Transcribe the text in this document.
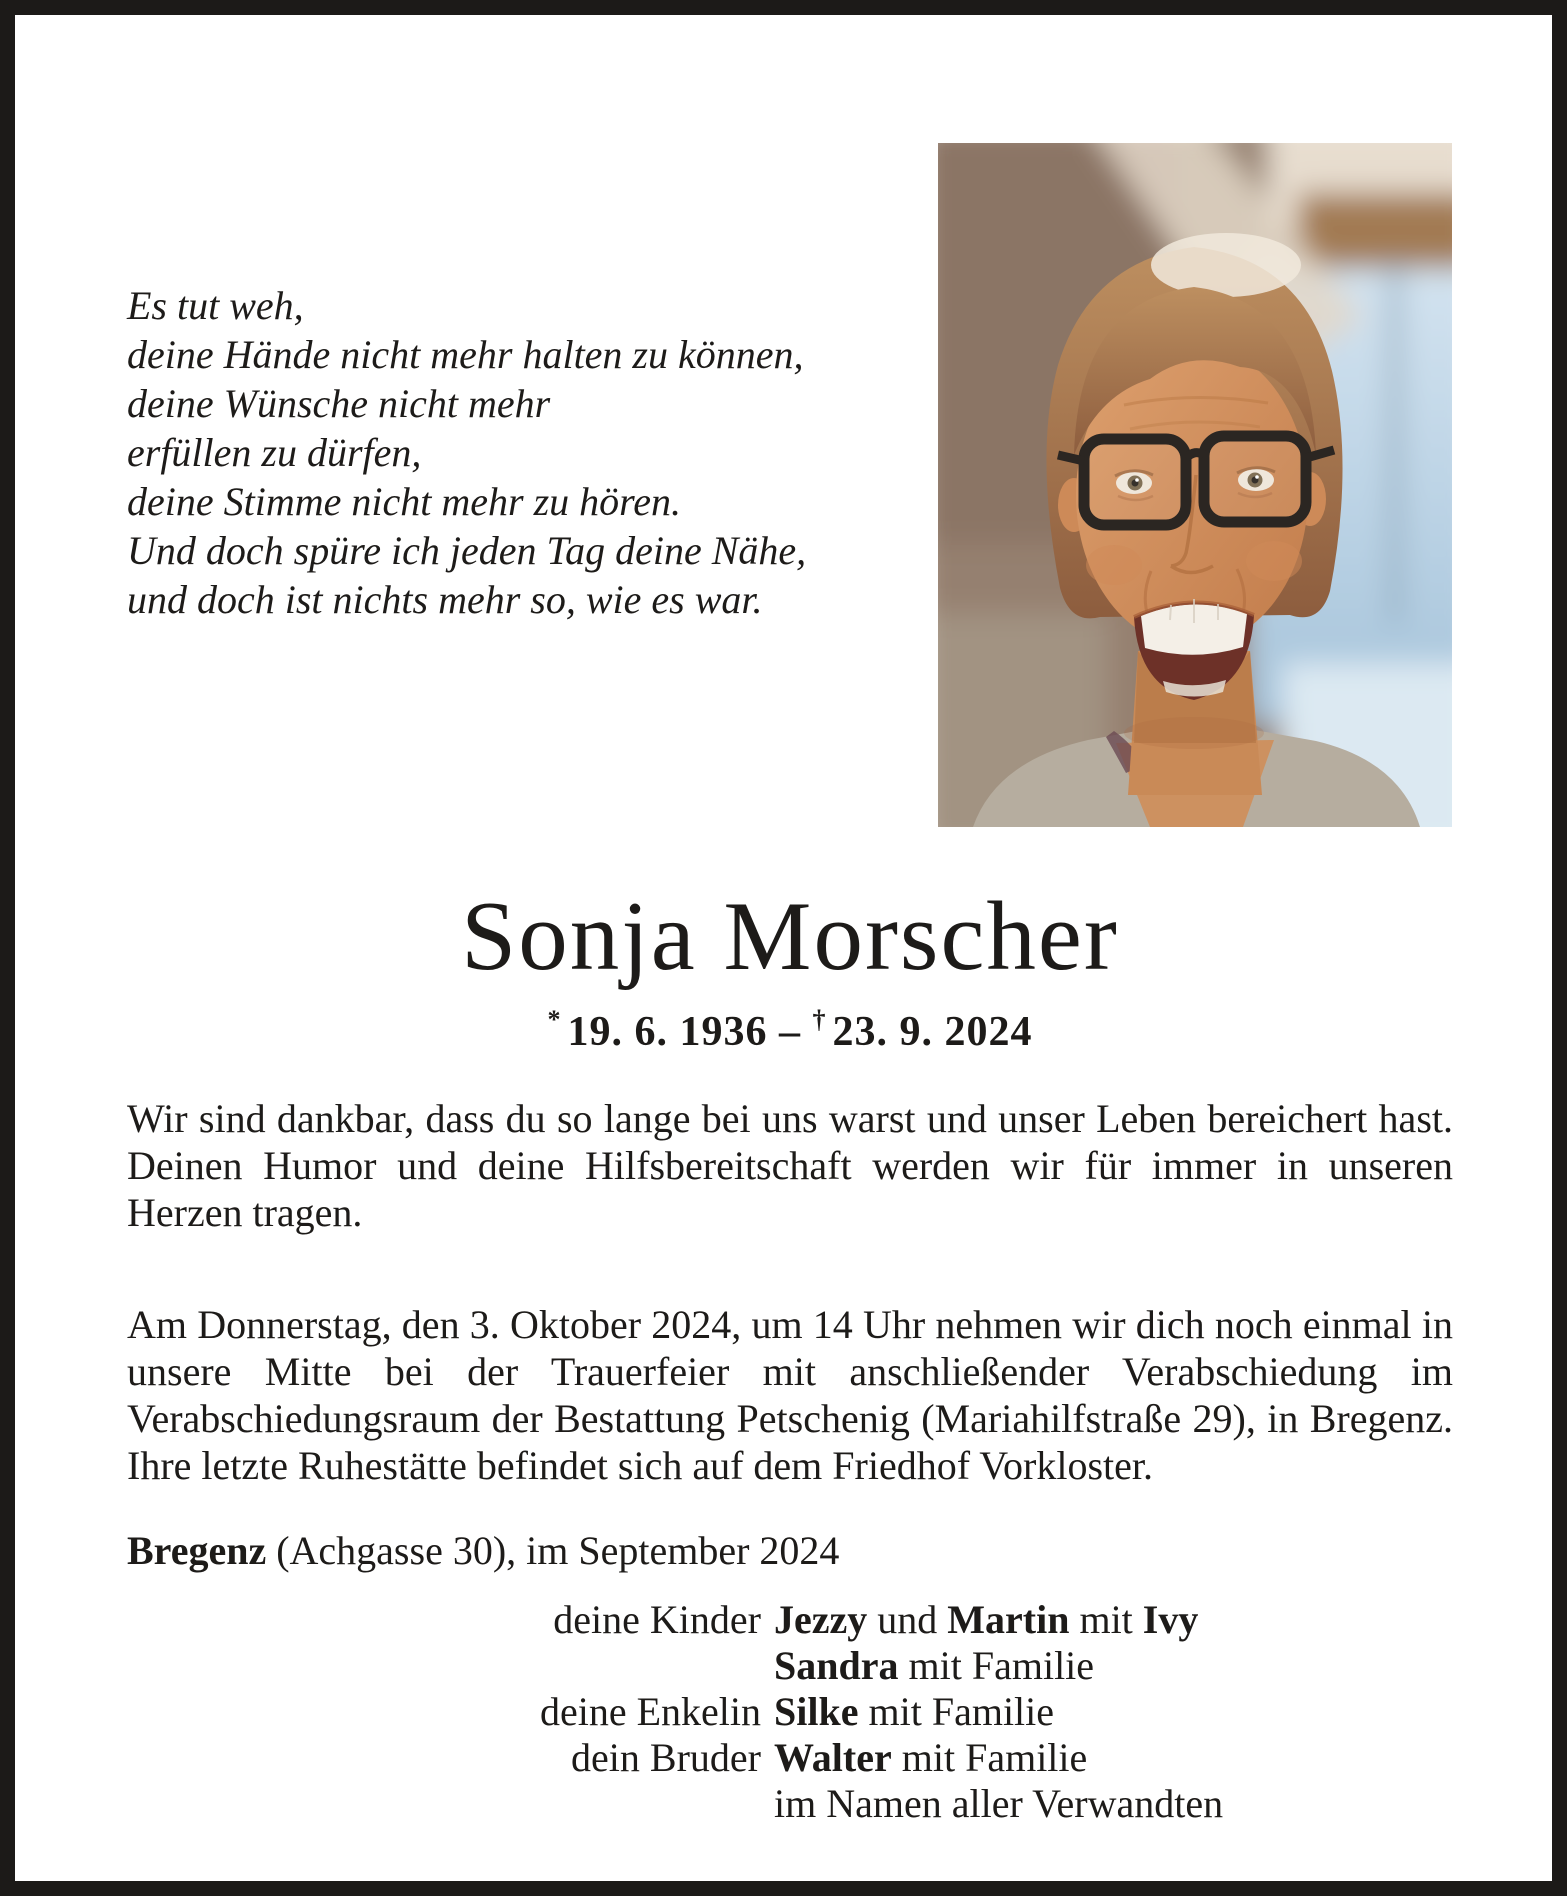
Es tut weh,
deine Hände nicht mehr halten zu können,
deine Wünsche nicht mehr
erfüllen zu dürfen,
deine Stimme nicht mehr zu hören.
Und doch spüre ich jeden Tag deine Nähe,
und doch ist nichts mehr so, wie es war.
Sonja Morscher
* 19. 6. 1936 – † 23. 9. 2024

Wir sind dankbar, dass du so lange bei uns warst und unser Leben bereichert hast. Deinen Humor und deine Hilfsbereitschaft werden wir für immer in unseren Herzen tragen.

Am Donnerstag, den 3. Oktober 2024, um 14 Uhr nehmen wir dich noch einmal in unsere Mitte bei der Trauerfeier mit anschließender Verabschiedung im Verabschiedungsraum der Bestattung Petschenig (Mariahilfstraße 29), in Bregenz. Ihre letzte Ruhestätte befindet sich auf dem Friedhof Vorkloster.

Bregenz (Achgasse 30), im September 2024
deine Kinder Jezzy und Martin mit Ivy
Sandra mit Familie
deine Enkelin Silke mit Familie
dein Bruder Walter mit Familie
im Namen aller Verwandten
